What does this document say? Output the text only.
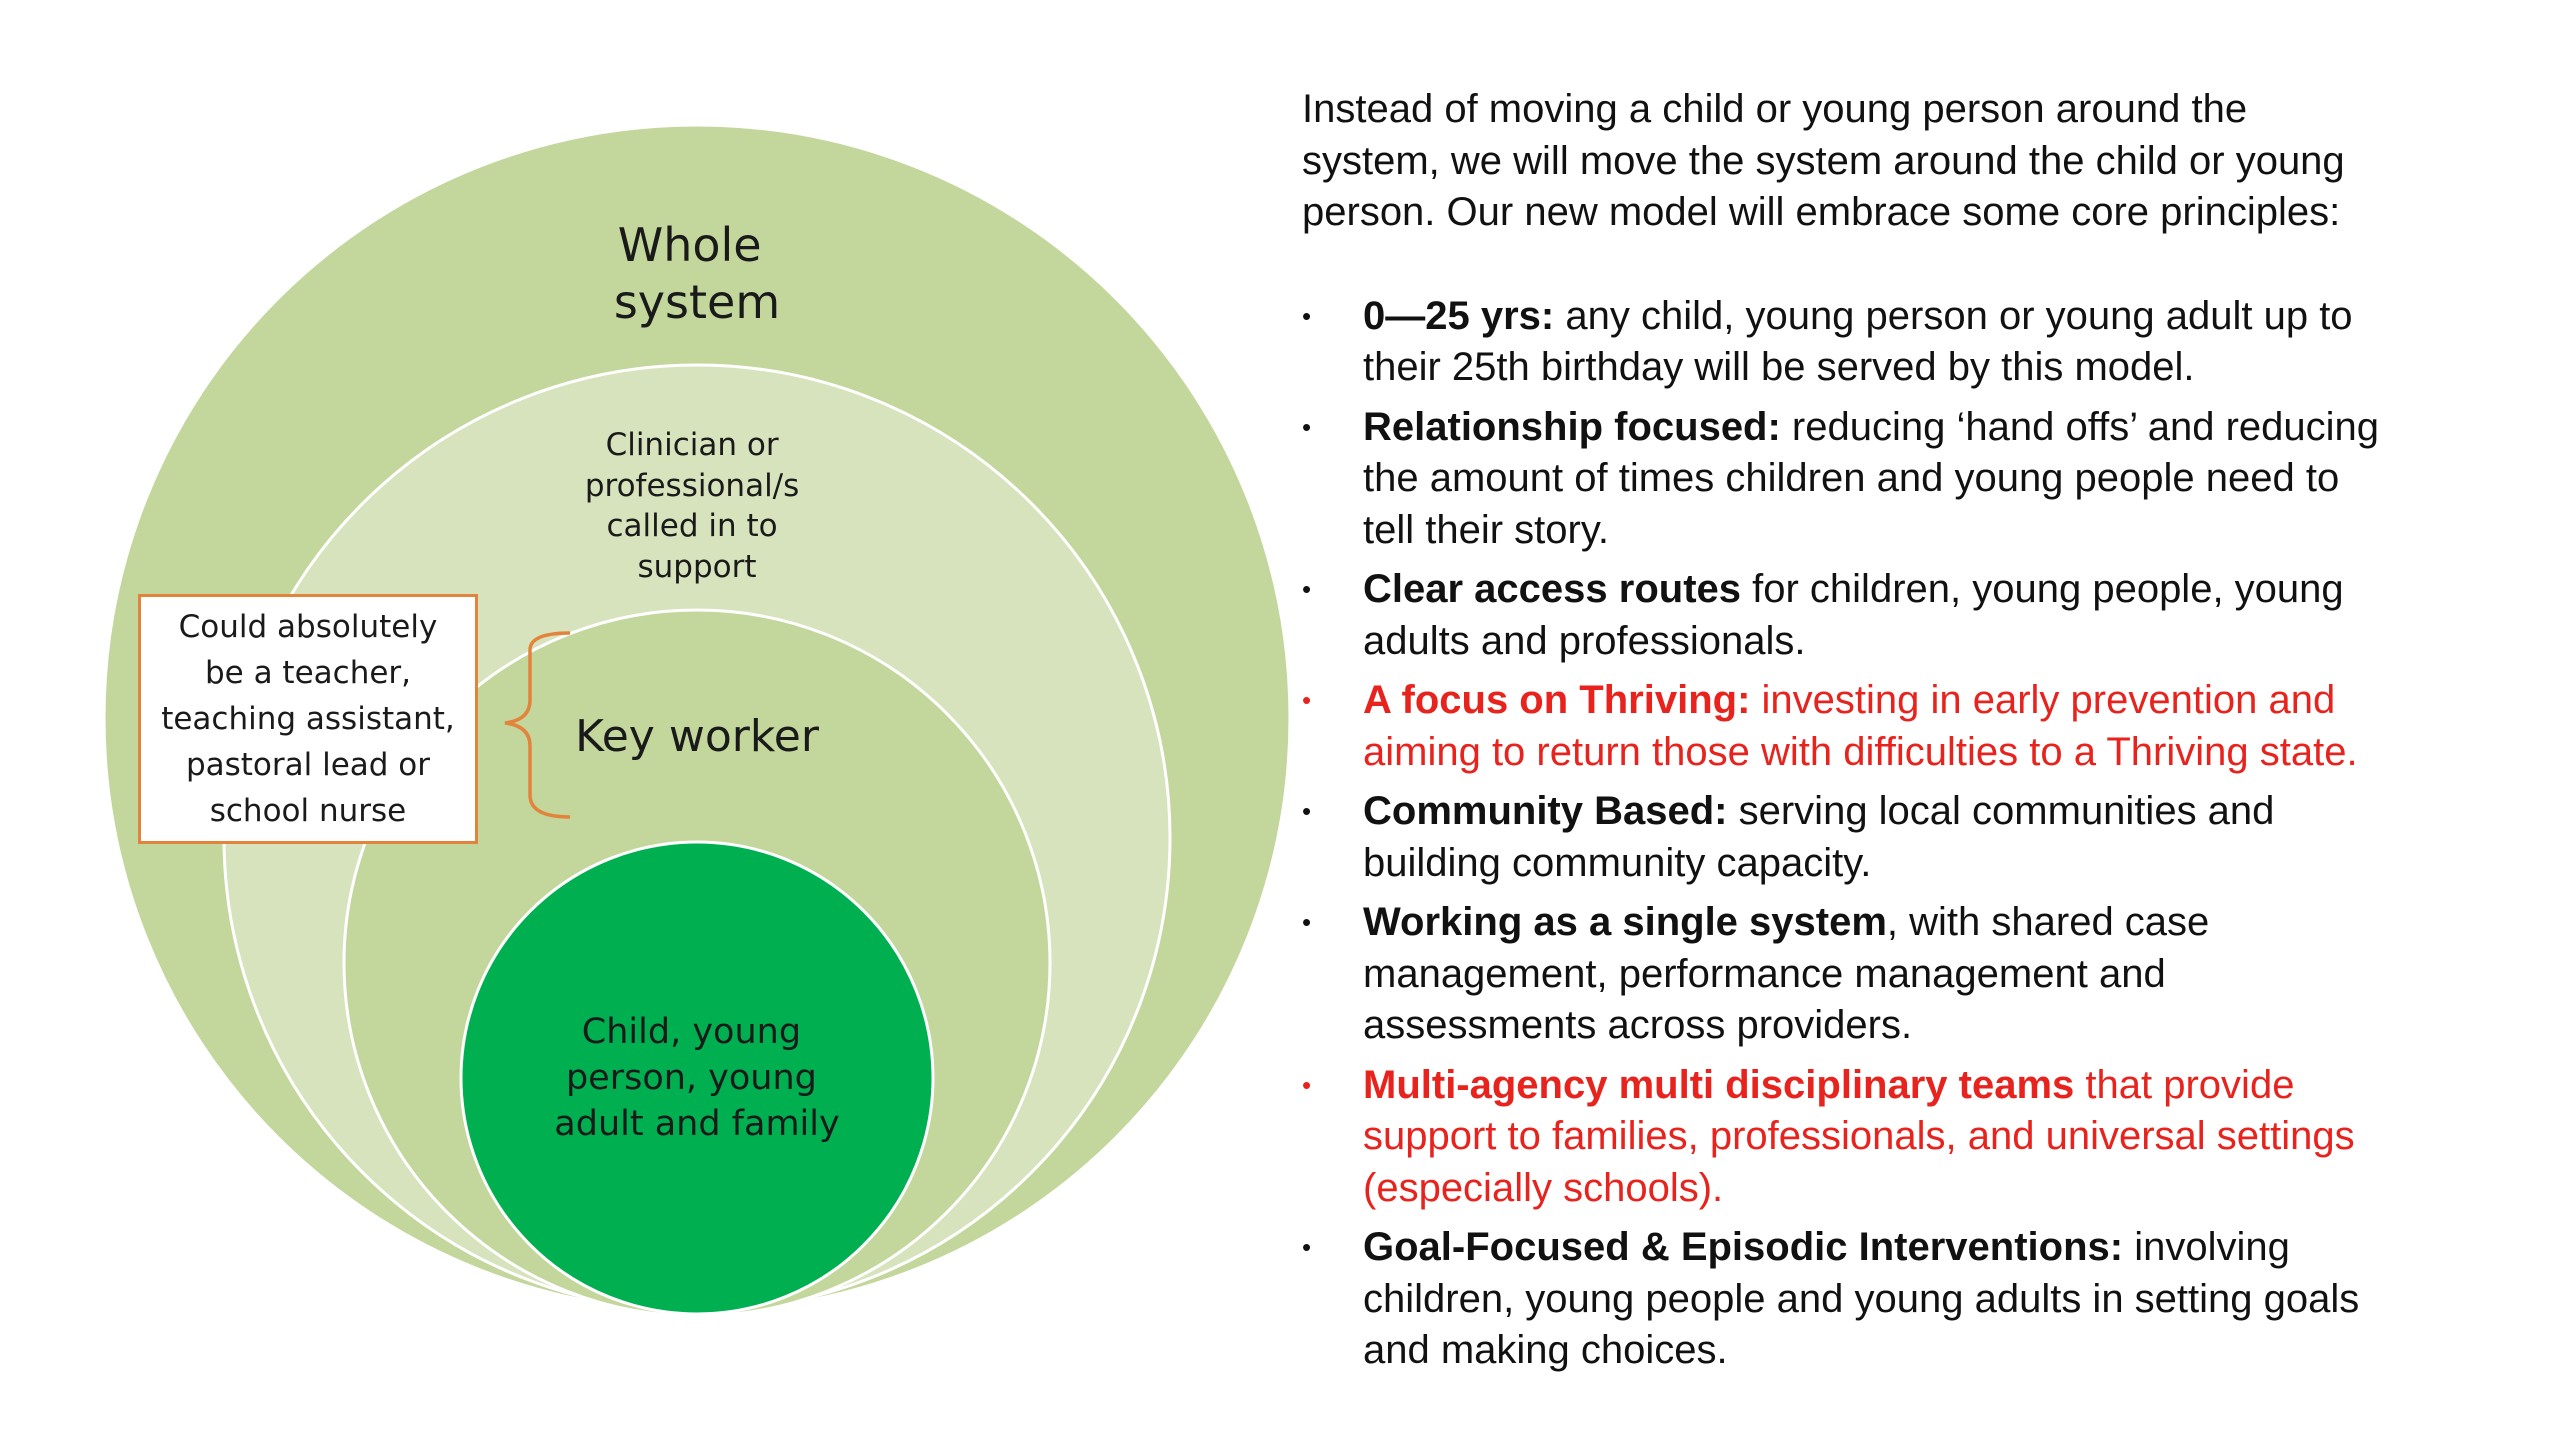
Whole system
Clinician or professional/s called in to support
Key worker
Child, young person, young adult and family
Could absolutely
be a teacher,
teaching assistant,
pastoral lead or
school nurse

Instead of moving a child or young person around the
system, we will move the system around the child or young
person. Our new model will embrace some core principles:

• 0—25 yrs: any child, young person or young adult up to
their 25th birthday will be served by this model.
• Relationship focused: reducing ‘hand offs’ and reducing
the amount of times children and young people need to
tell their story.
• Clear access routes for children, young people, young
adults and professionals.
• A focus on Thriving: investing in early prevention and
aiming to return those with difficulties to a Thriving state.
• Community Based: serving local communities and
building community capacity.
• Working as a single system, with shared case
management, performance management and
assessments across providers.
• Multi-agency multi disciplinary teams that provide
support to families, professionals, and universal settings
(especially schools).
• Goal-Focused & Episodic Interventions: involving
children, young people and young adults in setting goals
and making choices.
